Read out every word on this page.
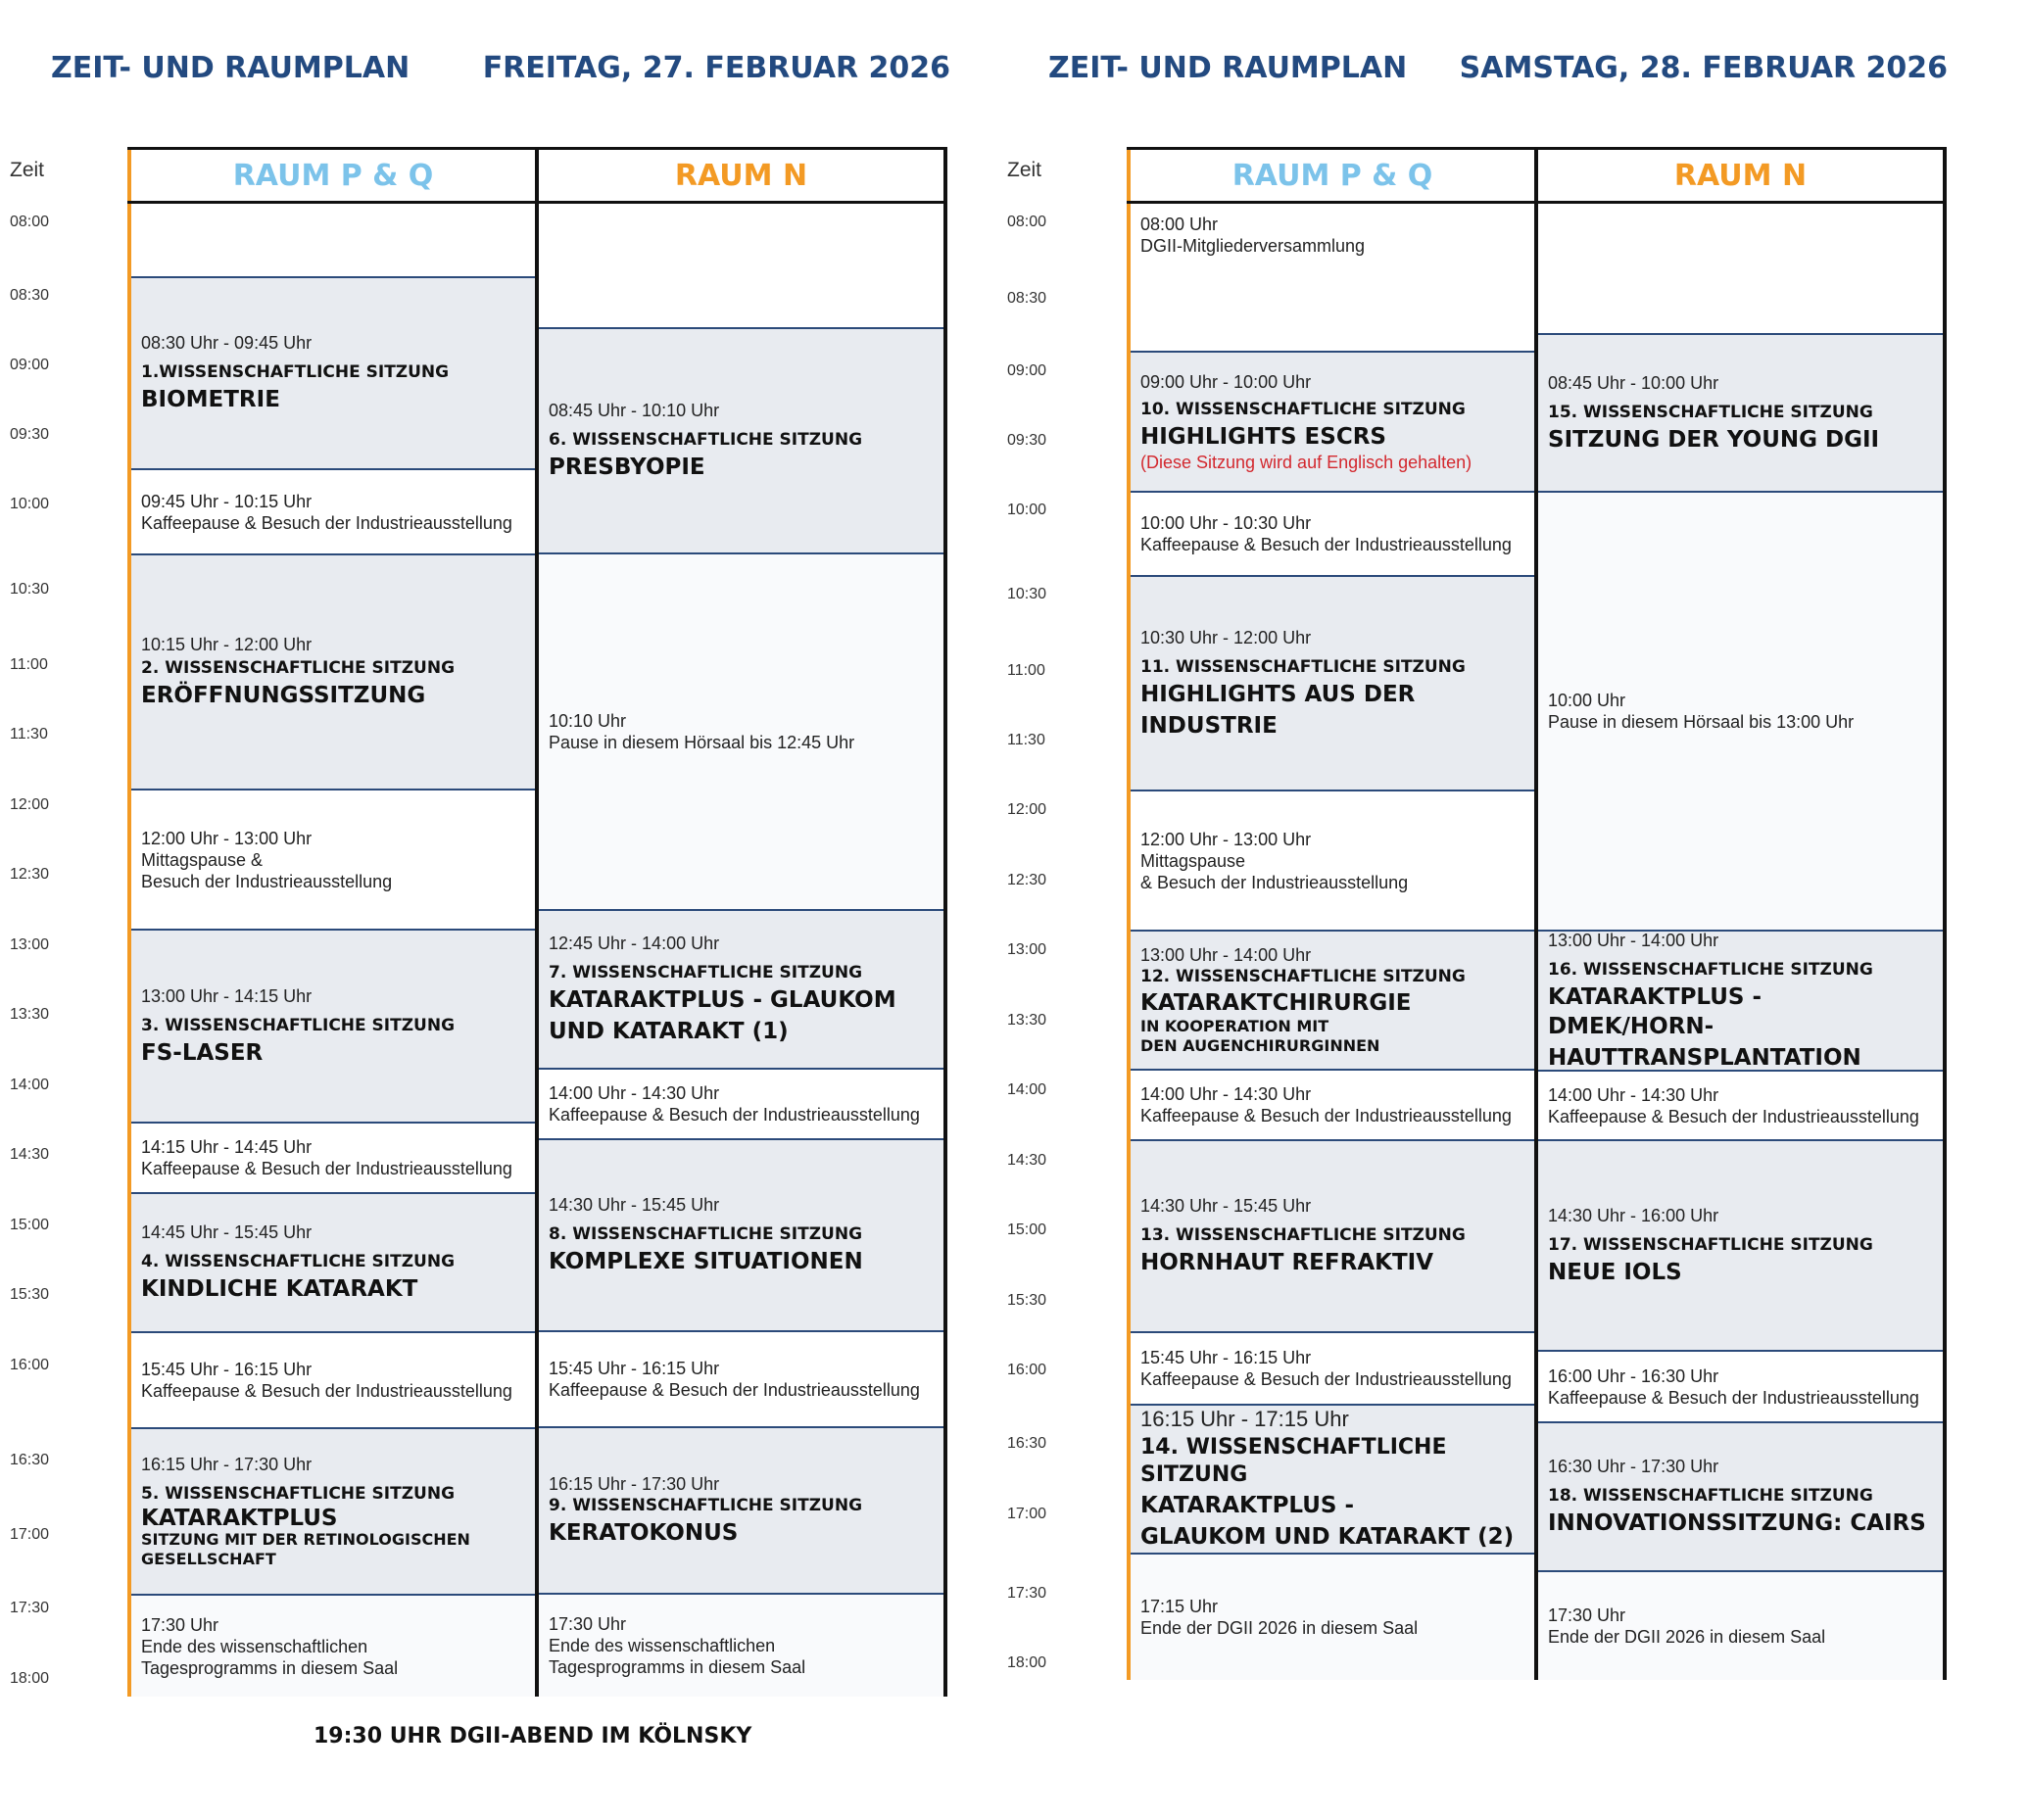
ZEIT- UND RAUMPLAN FREITAG, 27. FEBRUAR 2026
Zeit
08:00
08:30
09:00
09:30
10:00
10:30
11:00
11:30
12:00
12:30
13:00
13:30
14:00
14:30
15:00
15:30
16:00
16:30
17:00
17:30
18:00
RAUM P & Q	RAUM N
08:30 Uhr - 09:45 Uhr
1.WISSENSCHAFTLICHE SITZUNG
BIOMETRIE
09:45 Uhr - 10:15 Uhr
Kaffeepause & Besuch der Industrieausstellung
10:15 Uhr - 12:00 Uhr
2. WISSENSCHAFTLICHE SITZUNG
ERÖFFNUNGSSITZUNG
12:00 Uhr - 13:00 Uhr
Mittagspause &
Besuch der Industrieausstellung
13:00 Uhr - 14:15 Uhr
3. WISSENSCHAFTLICHE SITZUNG
FS-LASER
14:15 Uhr - 14:45 Uhr
Kaffeepause & Besuch der Industrieausstellung
14:45 Uhr - 15:45 Uhr
4. WISSENSCHAFTLICHE SITZUNG
KINDLICHE KATARAKT
15:45 Uhr - 16:15 Uhr
Kaffeepause & Besuch der Industrieausstellung
16:15 Uhr - 17:30 Uhr
5. WISSENSCHAFTLICHE SITZUNG
KATARAKTPLUS
SITZUNG MIT DER RETINOLOGISCHEN
GESELLSCHAFT
17:30 Uhr
Ende des wissenschaftlichen
Tagesprogramms in diesem Saal
08:45 Uhr - 10:10 Uhr
6. WISSENSCHAFTLICHE SITZUNG
PRESBYOPIE
10:10 Uhr
Pause in diesem Hörsaal bis 12:45 Uhr
12:45 Uhr - 14:00 Uhr
7. WISSENSCHAFTLICHE SITZUNG
KATARAKTPLUS - GLAUKOM
UND KATARAKT (1)
14:00 Uhr - 14:30 Uhr
Kaffeepause & Besuch der Industrieausstellung
14:30 Uhr - 15:45 Uhr
8. WISSENSCHAFTLICHE SITZUNG
KOMPLEXE SITUATIONEN
15:45 Uhr - 16:15 Uhr
Kaffeepause & Besuch der Industrieausstellung
16:15 Uhr - 17:30 Uhr
9. WISSENSCHAFTLICHE SITZUNG
KERATOKONUS
17:30 Uhr
Ende des wissenschaftlichen
Tagesprogramms in diesem Saal
19:30 UHR DGII-ABEND IM KÖLNSKY
ZEIT- UND RAUMPLAN SAMSTAG, 28. FEBRUAR 2026
Zeit
08:00
08:30
09:00
09:30
10:00
10:30
11:00
11:30
12:00
12:30
13:00
13:30
14:00
14:30
15:00
15:30
16:00
16:30
17:00
17:30
18:00
RAUM P & Q	RAUM N
08:00 Uhr
DGII-Mitgliederversammlung
09:00 Uhr - 10:00 Uhr
10. WISSENSCHAFTLICHE SITZUNG
HIGHLIGHTS ESCRS
(Diese Sitzung wird auf Englisch gehalten)
10:00 Uhr - 10:30 Uhr
Kaffeepause & Besuch der Industrieausstellung
10:30 Uhr - 12:00 Uhr
11. WISSENSCHAFTLICHE SITZUNG
HIGHLIGHTS AUS DER
INDUSTRIE
12:00 Uhr - 13:00 Uhr
Mittagspause
& Besuch der Industrieausstellung
13:00 Uhr - 14:00 Uhr
12. WISSENSCHAFTLICHE SITZUNG
KATARAKTCHIRURGIE
IN KOOPERATION MIT
DEN AUGENCHIRURGINNEN
14:00 Uhr - 14:30 Uhr
Kaffeepause & Besuch der Industrieausstellung
14:30 Uhr - 15:45 Uhr
13. WISSENSCHAFTLICHE SITZUNG
HORNHAUT REFRAKTIV
15:45 Uhr - 16:15 Uhr
Kaffeepause & Besuch der Industrieausstellung
16:15 Uhr - 17:15 Uhr
14. WISSENSCHAFTLICHE SITZUNG
KATARAKTPLUS -
GLAUKOM UND KATARAKT (2)
17:15 Uhr
Ende der DGII 2026 in diesem Saal
08:45 Uhr - 10:00 Uhr
15. WISSENSCHAFTLICHE SITZUNG
SITZUNG DER YOUNG DGII
10:00 Uhr
Pause in diesem Hörsaal bis 13:00 Uhr
13:00 Uhr - 14:00 Uhr
16. WISSENSCHAFTLICHE SITZUNG
KATARAKTPLUS - DMEK/HORN-
HAUTTRANSPLANTATION
14:00 Uhr - 14:30 Uhr
Kaffeepause & Besuch der Industrieausstellung
14:30 Uhr - 16:00 Uhr
17. WISSENSCHAFTLICHE SITZUNG
NEUE IOLS
16:00 Uhr - 16:30 Uhr
Kaffeepause & Besuch der Industrieausstellung
16:30 Uhr - 17:30 Uhr
18. WISSENSCHAFTLICHE SITZUNG
INNOVATIONSSITZUNG: CAIRS
17:30 Uhr
Ende der DGII 2026 in diesem Saal
